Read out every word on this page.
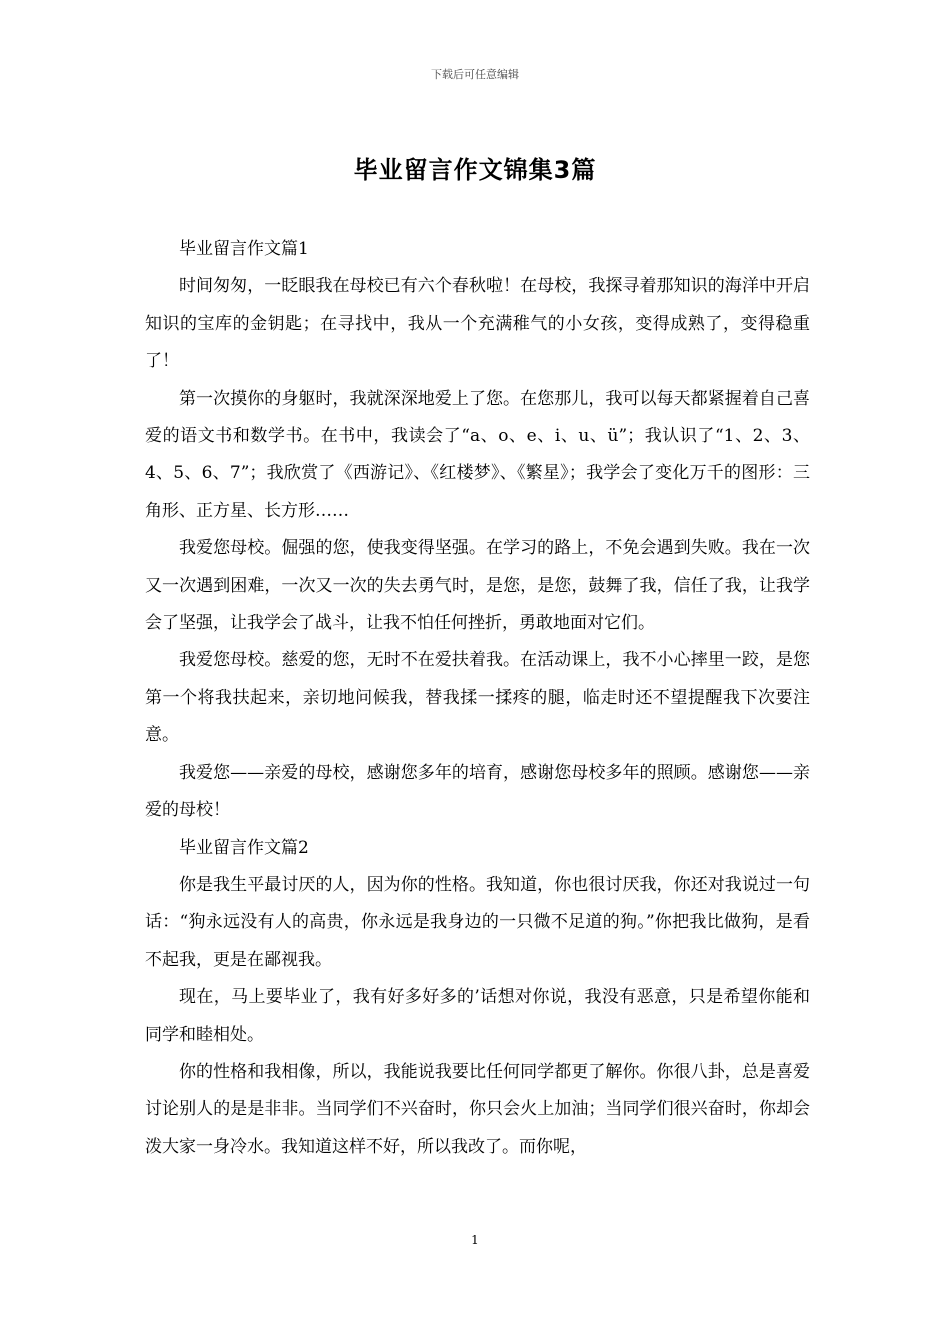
下载后可任意编辑
毕业留言作文锦集3篇

毕业留言作文篇1

时间匆匆，一眨眼我在母校已有六个春秋啦！在母校，我探寻着那知识的海洋中开启知识的宝库的金钥匙；在寻找中，我从一个充满稚气的小女孩，变得成熟了，变得稳重了！

第一次摸你的身躯时，我就深深地爱上了您。在您那儿，我可以每天都紧握着自己喜爱的语文书和数学书。在书中，我读会了“a、o、e、i、u、ü”；我认识了“1、2、3、4、5、6、7”；我欣赏了《西游记》、《红楼梦》、《繁星》；我学会了变化万千的图形：三角形、正方星、长方形……

我爱您母校。倔强的您，使我变得坚强。在学习的路上，不免会遇到失败。我在一次又一次遇到困难，一次又一次的失去勇气时，是您，是您，鼓舞了我，信任了我，让我学会了坚强，让我学会了战斗，让我不怕任何挫折，勇敢地面对它们。

我爱您母校。慈爱的您，无时不在爱扶着我。在活动课上，我不小心摔里一跤，是您第一个将我扶起来，亲切地问候我，替我揉一揉疼的腿，临走时还不望提醒我下次要注意。

我爱您——亲爱的母校，感谢您多年的培育，感谢您母校多年的照顾。感谢您——亲爱的母校！

毕业留言作文篇2

你是我生平最讨厌的人，因为你的性格。我知道，你也很讨厌我，你还对我说过一句话：“狗永远没有人的高贵，你永远是我身边的一只微不足道的狗。”你把我比做狗，是看不起我，更是在鄙视我。

现在，马上要毕业了，我有好多好多的’话想对你说，我没有恶意，只是希望你能和同学和睦相处。

你的性格和我相像，所以，我能说我要比任何同学都更了解你。你很八卦，总是喜爱讨论别人的是是非非。当同学们不兴奋时，你只会火上加油；当同学们很兴奋时，你却会泼大家一身冷水。我知道这样不好，所以我改了。而你呢，

1
